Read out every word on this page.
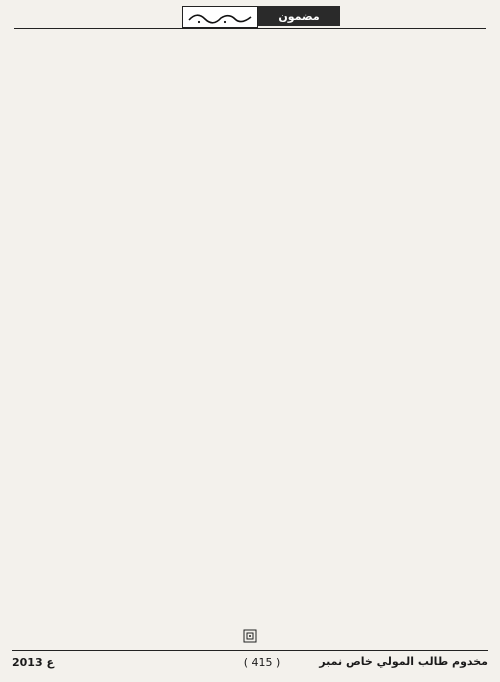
مضمون

2013 ع	( 415 )	مخدوم طالب المولي خاص نمبر
